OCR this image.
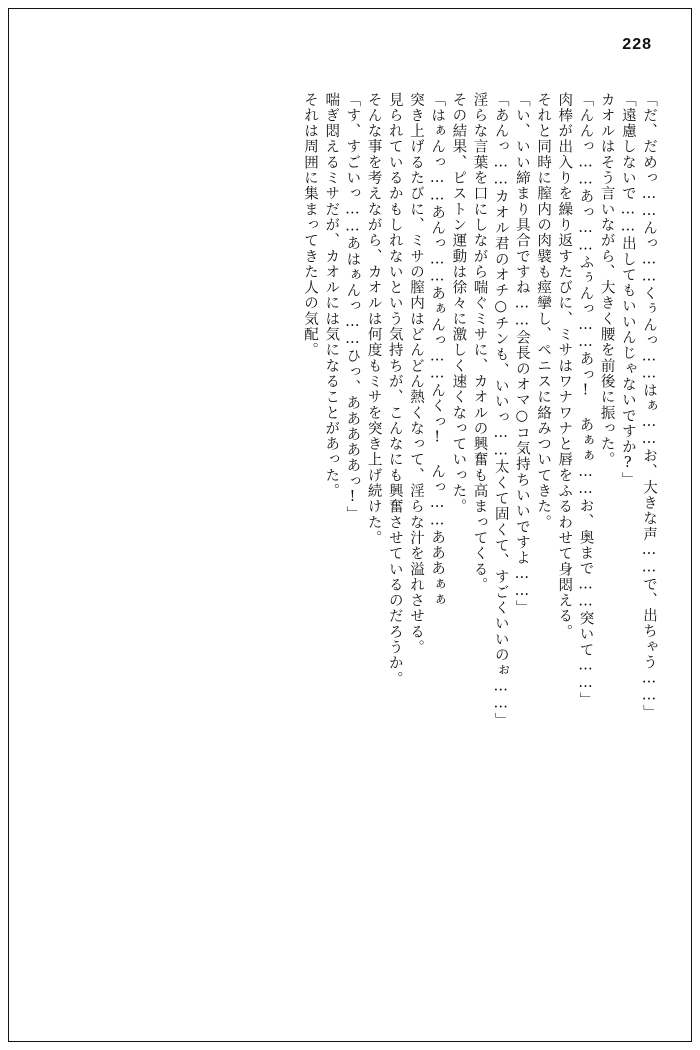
228
「だ、だめっ……んっ……くぅんっ……はぁ……お、大きな声……で、出ちゃう……」
「遠慮しないで……出してもいいんじゃないですか?」
カオルはそう言いながら、大きく腰を前後に振った。
「んんっ……あっ……ふぅんっ……あっ! あぁぁ……お、奥まで……突いて……」
肉棒が出入りを繰り返すたびに、ミサはワナワナと唇をふるわせて身悶える。
それと同時に膣内の肉襞も痙攣し、ペニスに絡みついてきた。
「い、いい締まり具合ですね……会長のオマ○コ気持ちいいですよ……」
「あんっ……カオル君のオチ○チンも、いいっ……太くて固くて、すごくいいのぉ……」
淫らな言葉を口にしながら喘ぐミサに、カオルの興奮も高まってくる。
その結果、ピストン運動は徐々に激しく速くなっていった。
「はぁんっ……あんっ……あぁんっ……んくっ! んっ……あああぁぁ
突き上げるたびに、ミサの膣内はどんどん熱くなって、淫らな汁を溢れさせる。
見られているかもしれないという気持ちが、こんなにも興奮させているのだろうか。
そんな事を考えながら、カオルは何度もミサを突き上げ続けた。
「す、すごいっ……あはぁんっ……ひっ、あああああっ!」
喘ぎ悶えるミサだが、カオルには気になることがあった。
それは周囲に集まってきた人の気配。
